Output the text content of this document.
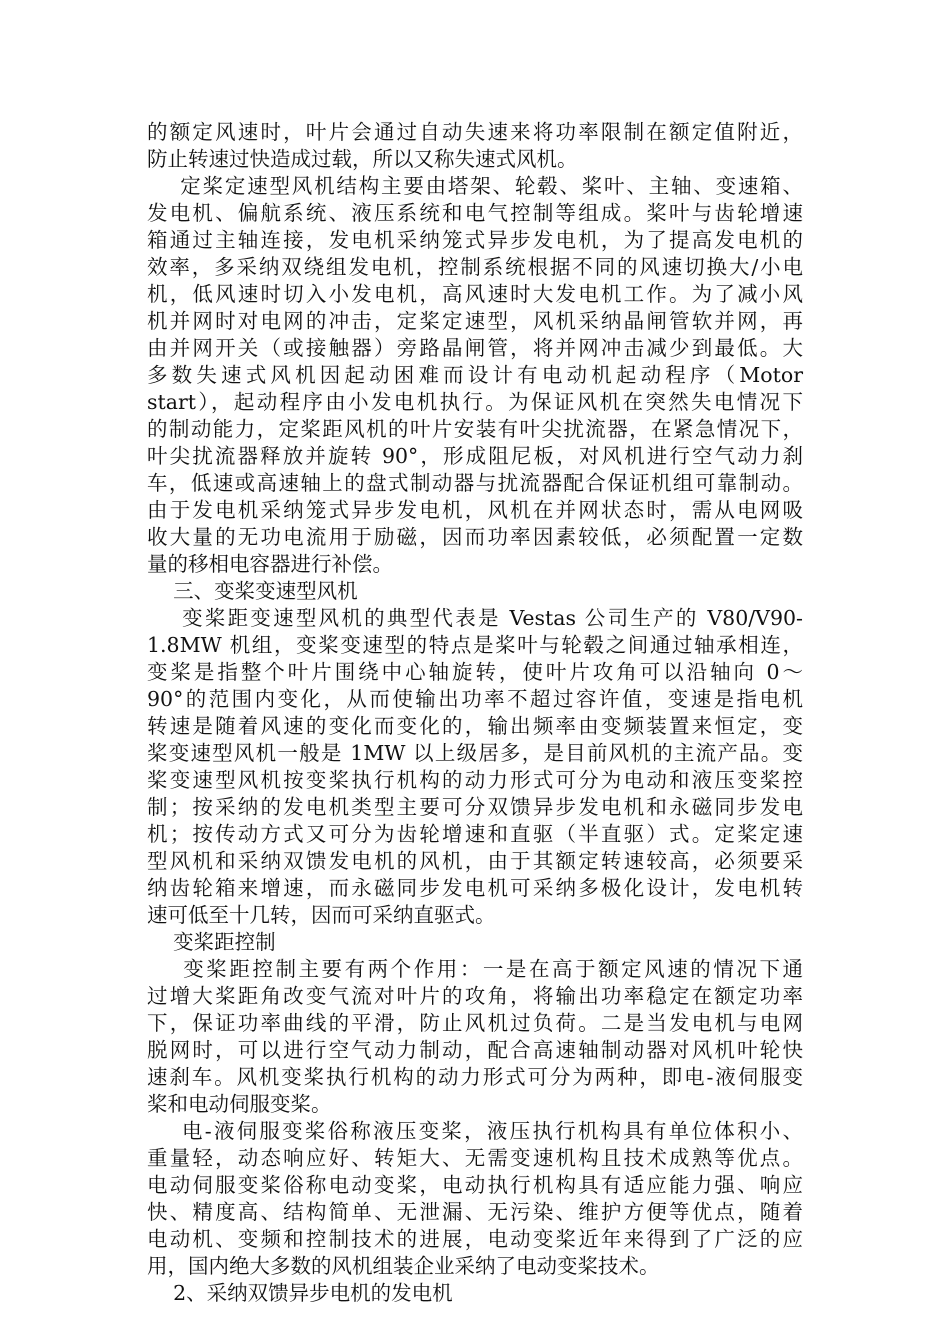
的额定风速时，叶片会通过自动失速来将功率限制在额定值附近，
防止转速过快造成过载，所以又称失速式风机。
定桨定速型风机结构主要由塔架、轮毂、桨叶、主轴、变速箱、
发电机、偏航系统、液压系统和电气控制等组成。桨叶与齿轮增速
箱通过主轴连接，发电机采纳笼式异步发电机，为了提高发电机的
效率，多采纳双绕组发电机，控制系统根据不同的风速切换大/小电
机，低风速时切入小发电机，高风速时大发电机工作。为了减小风
机并网时对电网的冲击，定桨定速型，风机采纳晶闸管软并网，再
由并网开关（或接触器）旁路晶闸管，将并网冲击减少到最低。大
多数失速式风机因起动困难而设计有电动机起动程序（Motor
start），起动程序由小发电机执行。为保证风机在突然失电情况下
的制动能力，定桨距风机的叶片安装有叶尖扰流器，在紧急情况下，
叶尖扰流器释放并旋转 90°，形成阻尼板，对风机进行空气动力刹
车，低速或高速轴上的盘式制动器与扰流器配合保证机组可靠制动。
由于发电机采纳笼式异步发电机，风机在并网状态时，需从电网吸
收大量的无功电流用于励磁，因而功率因素较低，必须配置一定数
量的移相电容器进行补偿。
三、变桨变速型风机
变桨距变速型风机的典型代表是 Vestas 公司生产的 V80/V90-
1.8MW 机组，变桨变速型的特点是桨叶与轮毂之间通过轴承相连，
变桨是指整个叶片围绕中心轴旋转，使叶片攻角可以沿轴向 0～
90°的范围内变化，从而使输出功率不超过容许值，变速是指电机
转速是随着风速的变化而变化的，输出频率由变频装置来恒定，变
桨变速型风机一般是 1MW 以上级居多，是目前风机的主流产品。变
桨变速型风机按变桨执行机构的动力形式可分为电动和液压变桨控
制；按采纳的发电机类型主要可分双馈异步发电机和永磁同步发电
机；按传动方式又可分为齿轮增速和直驱（半直驱）式。定桨定速
型风机和采纳双馈发电机的风机，由于其额定转速较高，必须要采
纳齿轮箱来增速，而永磁同步发电机可采纳多极化设计，发电机转
速可低至十几转，因而可采纳直驱式。
变桨距控制
变桨距控制主要有两个作用：一是在高于额定风速的情况下通
过增大桨距角改变气流对叶片的攻角，将输出功率稳定在额定功率
下，保证功率曲线的平滑，防止风机过负荷。二是当发电机与电网
脱网时，可以进行空气动力制动，配合高速轴制动器对风机叶轮快
速刹车。风机变桨执行机构的动力形式可分为两种，即电-液伺服变
桨和电动伺服变桨。
电-液伺服变桨俗称液压变桨，液压执行机构具有单位体积小、
重量轻，动态响应好、转矩大、无需变速机构且技术成熟等优点。
电动伺服变桨俗称电动变桨，电动执行机构具有适应能力强、响应
快、精度高、结构简单、无泄漏、无污染、维护方便等优点，随着
电动机、变频和控制技术的进展，电动变桨近年来得到了广泛的应
用，国内绝大多数的风机组装企业采纳了电动变桨技术。
2、采纳双馈异步电机的发电机
